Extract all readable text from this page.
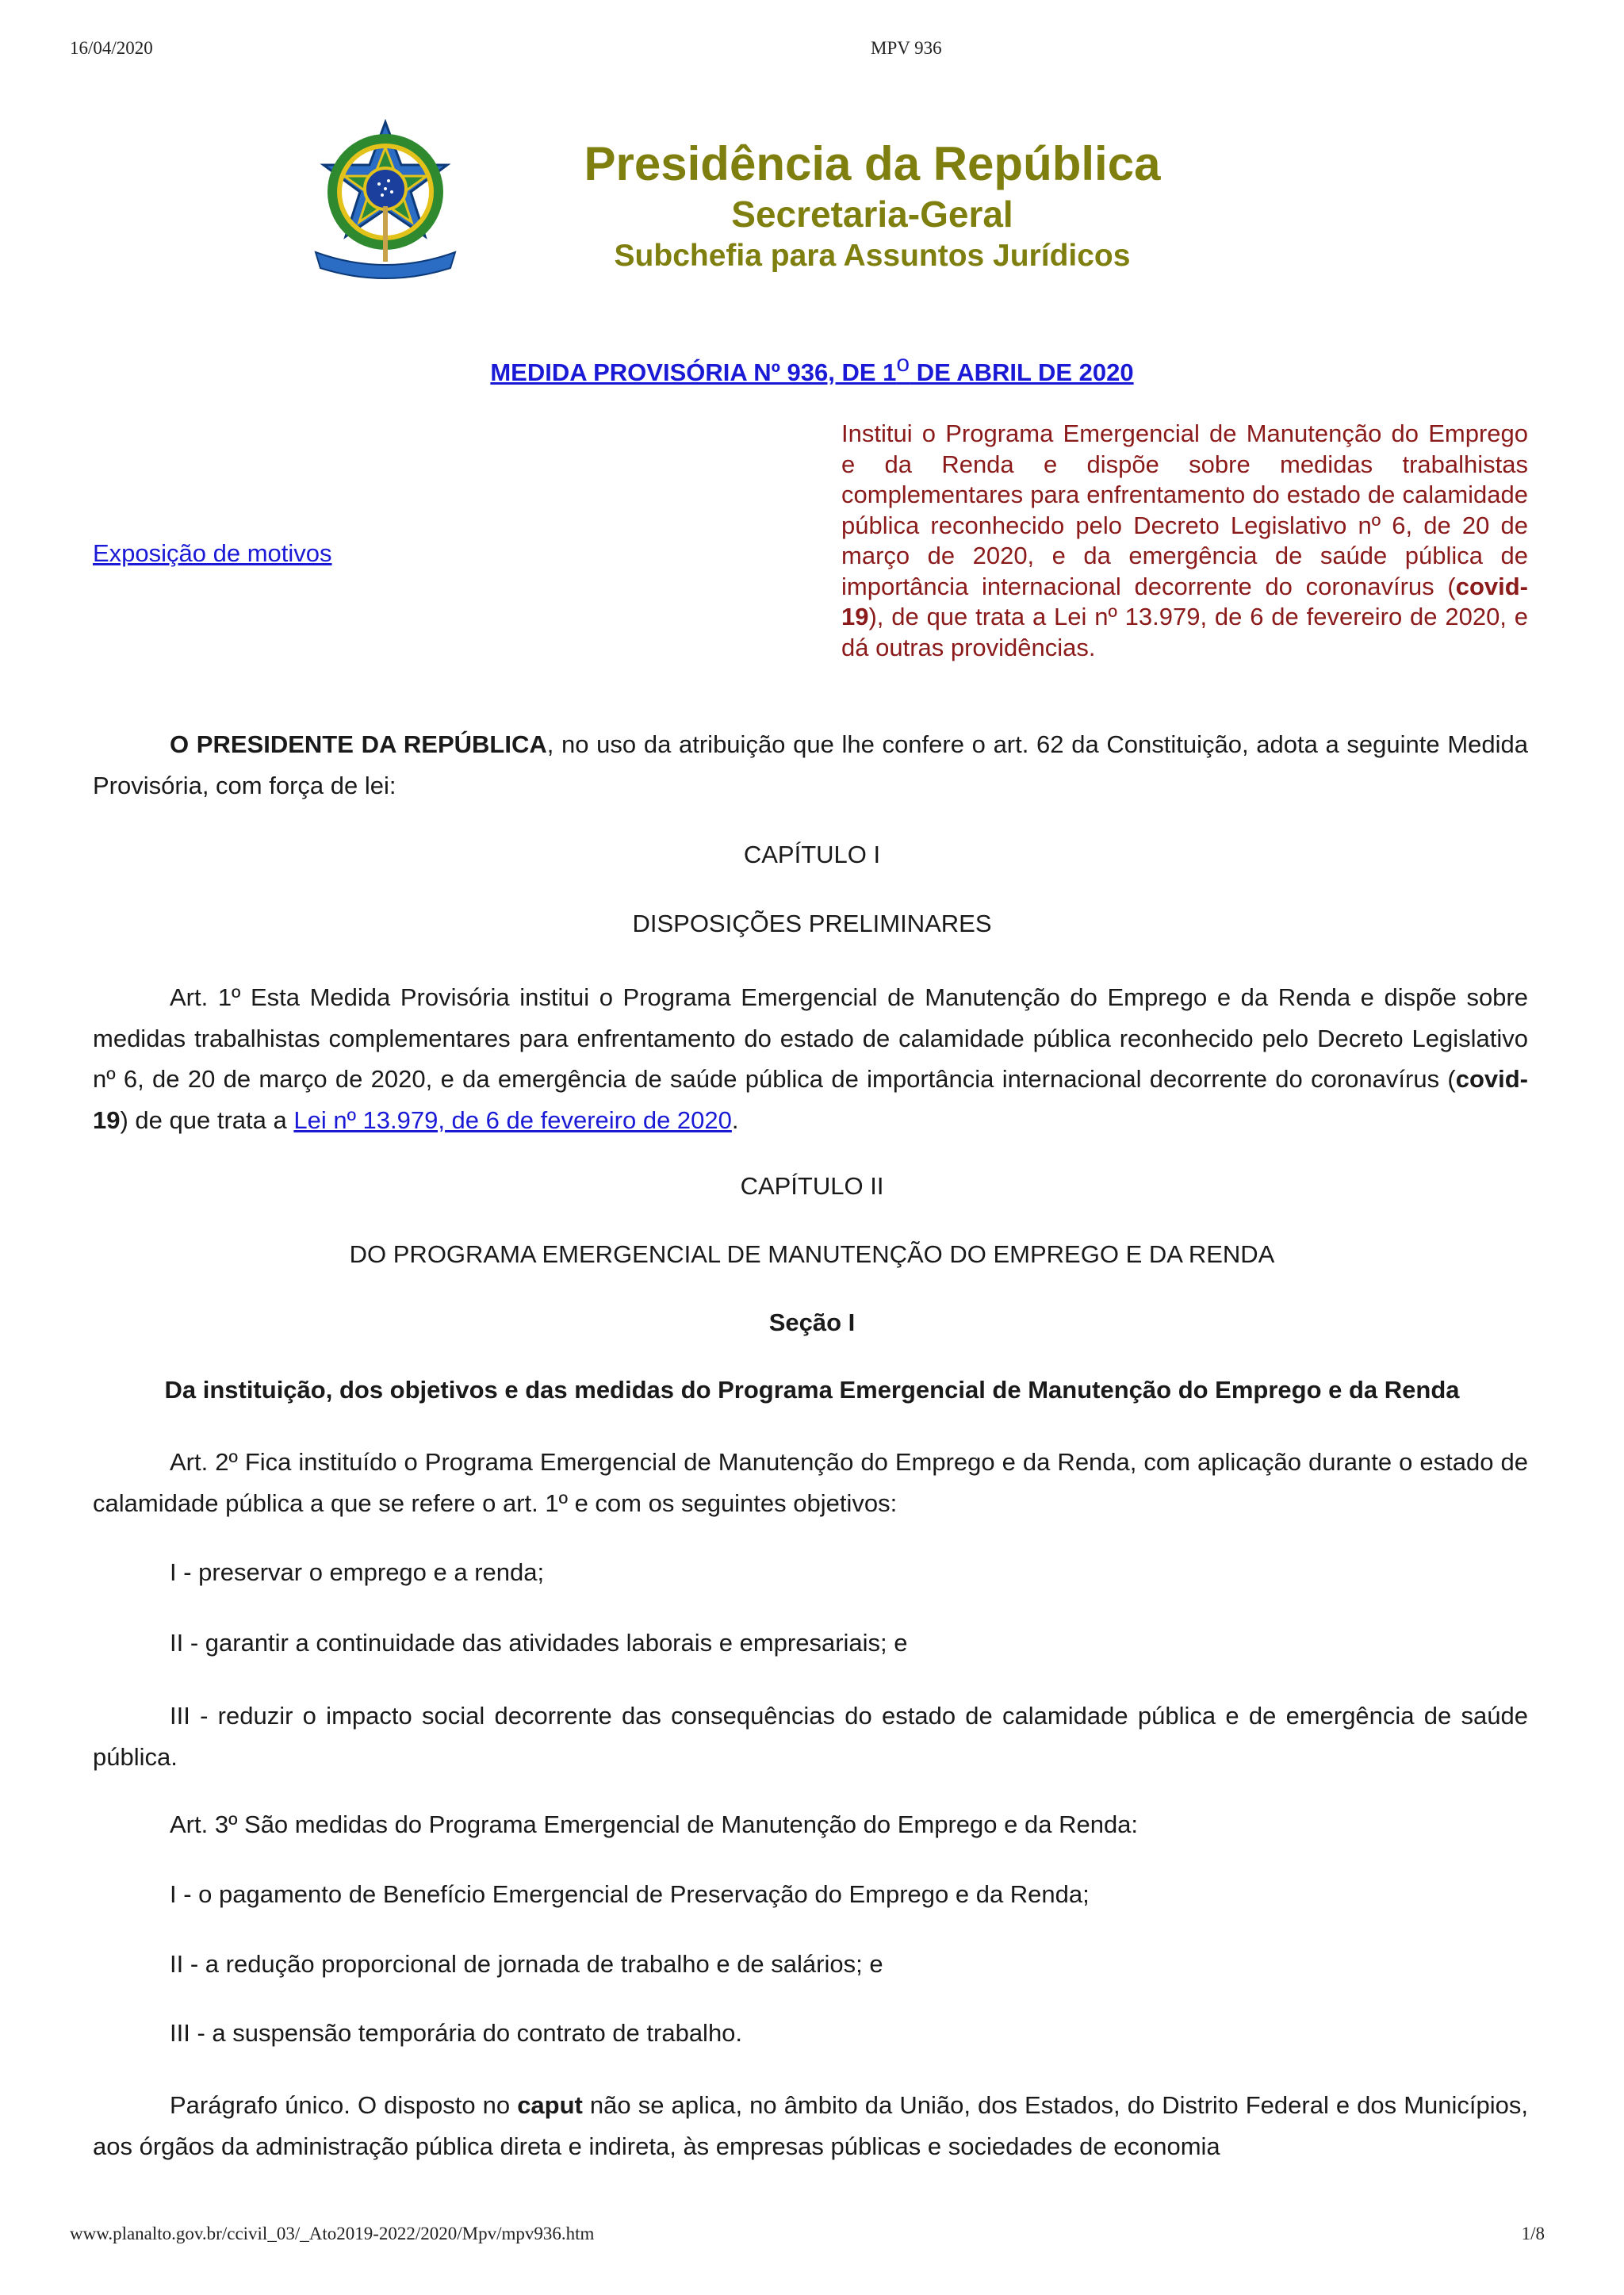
16/04/2020	MPV 936
Presidência da República
Secretaria-Geral
Subchefia para Assuntos Jurídicos
MEDIDA PROVISÓRIA Nº 936, DE 1$^o$ DE ABRIL DE 2020
Exposição de motivos
Institui o Programa Emergencial de Manutenção do Emprego e da Renda e dispõe sobre medidas trabalhistas complementares para enfrentamento do estado de calamidade pública reconhecido pelo Decreto Legislativo nº 6, de 20 de março de 2020, e da emergência de saúde pública de importância internacional decorrente do coronavírus (covid-19), de que trata a Lei nº 13.979, de 6 de fevereiro de 2020, e dá outras providências.
O PRESIDENTE DA REPÚBLICA, no uso da atribuição que lhe confere o art. 62 da Constituição, adota a seguinte Medida Provisória, com força de lei:
CAPÍTULO I
DISPOSIÇÕES PRELIMINARES
Art. 1º Esta Medida Provisória institui o Programa Emergencial de Manutenção do Emprego e da Renda e dispõe sobre medidas trabalhistas complementares para enfrentamento do estado de calamidade pública reconhecido pelo Decreto Legislativo nº 6, de 20 de março de 2020, e da emergência de saúde pública de importância internacional decorrente do coronavírus (covid-19) de que trata a Lei nº 13.979, de 6 de fevereiro de 2020.
CAPÍTULO II
DO PROGRAMA EMERGENCIAL DE MANUTENÇÃO DO EMPREGO E DA RENDA
Seção I
Da instituição, dos objetivos e das medidas do Programa Emergencial de Manutenção do Emprego e da Renda
Art. 2º Fica instituído o Programa Emergencial de Manutenção do Emprego e da Renda, com aplicação durante o estado de calamidade pública a que se refere o art. 1º e com os seguintes objetivos:
I - preservar o emprego e a renda;
II - garantir a continuidade das atividades laborais e empresariais; e
III - reduzir o impacto social decorrente das consequências do estado de calamidade pública e de emergência de saúde pública.
Art. 3º São medidas do Programa Emergencial de Manutenção do Emprego e da Renda:
I - o pagamento de Benefício Emergencial de Preservação do Emprego e da Renda;
II - a redução proporcional de jornada de trabalho e de salários; e
III - a suspensão temporária do contrato de trabalho.
Parágrafo único. O disposto no caput não se aplica, no âmbito da União, dos Estados, do Distrito Federal e dos Municípios, aos órgãos da administração pública direta e indireta, às empresas públicas e sociedades de economia
www.planalto.gov.br/ccivil_03/_Ato2019-2022/2020/Mpv/mpv936.htm	1/8
